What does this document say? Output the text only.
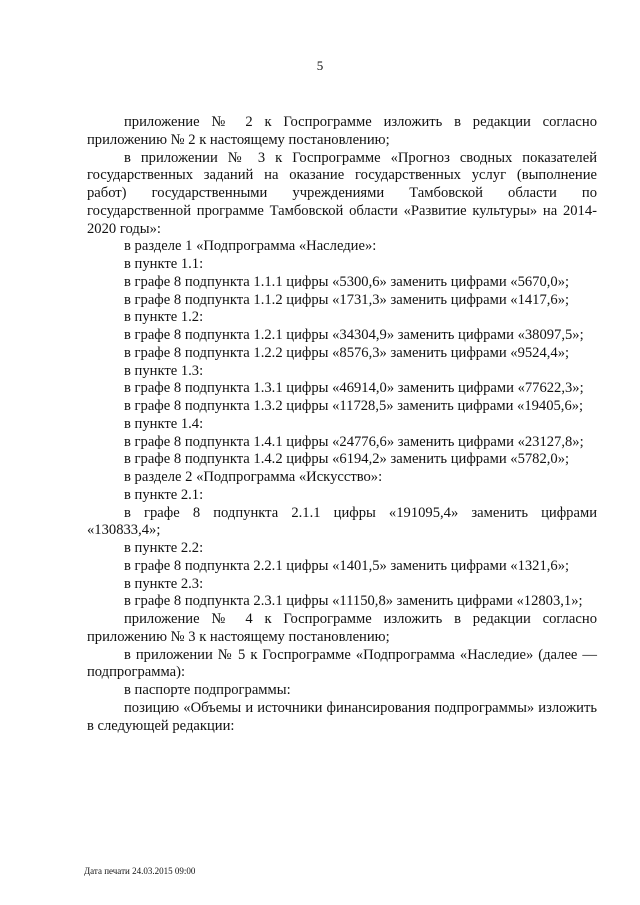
5

приложение № 2 к Госпрограмме изложить в редакции согласно приложению № 2 к настоящему постановлению;

в приложении № 3 к Госпрограмме «Прогноз сводных показателей государственных заданий на оказание государственных услуг (выполнение работ) государственными учреждениями Тамбовской области по государственной программе Тамбовской области «Развитие культуры» на 2014-2020 годы»:

в разделе 1 «Подпрограмма «Наследие»:

в пункте 1.1:

в графе 8 подпункта 1.1.1 цифры «5300,6» заменить цифрами «5670,0»;

в графе 8 подпункта 1.1.2 цифры «1731,3» заменить цифрами «1417,6»;

в пункте 1.2:

в графе 8 подпункта 1.2.1 цифры «34304,9» заменить цифрами «38097,5»;

в графе 8 подпункта 1.2.2 цифры «8576,3» заменить цифрами «9524,4»;

в пункте 1.3:

в графе 8 подпункта 1.3.1 цифры «46914,0» заменить цифрами «77622,3»;

в графе 8 подпункта 1.3.2 цифры «11728,5» заменить цифрами «19405,6»;

в пункте 1.4:

в графе 8 подпункта 1.4.1 цифры «24776,6» заменить цифрами «23127,8»;

в графе 8 подпункта 1.4.2 цифры «6194,2» заменить цифрами «5782,0»;

в разделе 2 «Подпрограмма «Искусство»:

в пункте 2.1:

в графе 8 подпункта 2.1.1 цифры «191095,4» заменить цифрами «130833,4»;

в пункте 2.2:

в графе 8 подпункта 2.2.1 цифры «1401,5» заменить цифрами «1321,6»;

в пункте 2.3:

в графе 8 подпункта 2.3.1 цифры «11150,8» заменить цифрами «12803,1»;

приложение № 4 к Госпрограмме изложить в редакции согласно приложению № 3 к настоящему постановлению;

в приложении № 5 к Госпрограмме «Подпрограмма «Наследие» (далее — подпрограмма):

в паспорте подпрограммы:

позицию «Объемы и источники финансирования подпрограммы» изложить в следующей редакции:

Дата печати 24.03.2015 09:00
